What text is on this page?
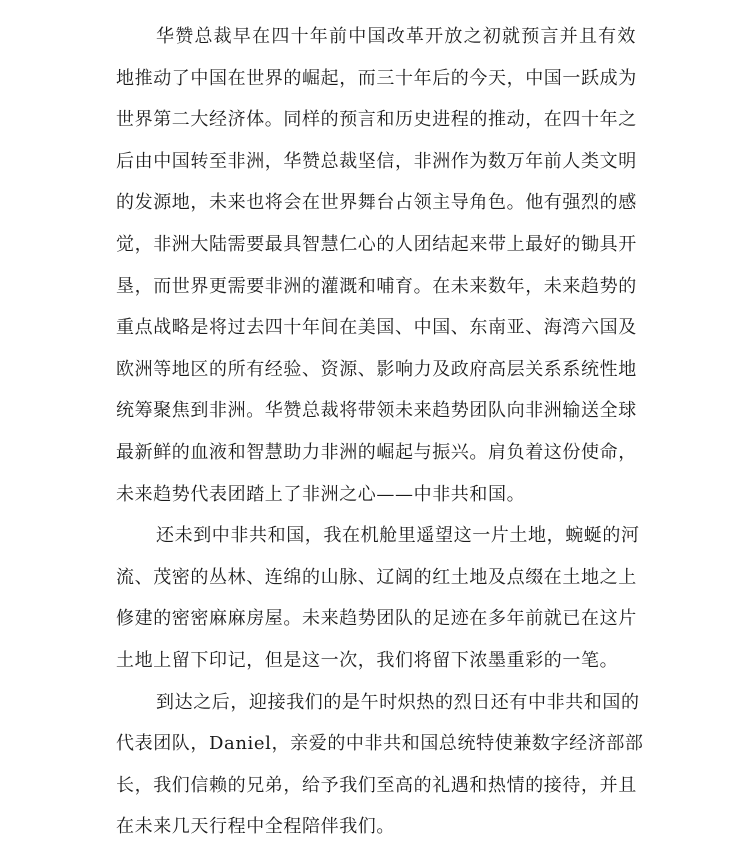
华赞总裁早在四十年前中国改革开放之初就预言并且有效
地推动了中国在世界的崛起，而三十年后的今天，中国一跃成为
世界第二大经济体。同样的预言和历史进程的推动，在四十年之
后由中国转至非洲，华赞总裁坚信，非洲作为数万年前人类文明
的发源地，未来也将会在世界舞台占领主导角色。他有强烈的感
觉，非洲大陆需要最具智慧仁心的人团结起来带上最好的锄具开
垦，而世界更需要非洲的灌溉和哺育。在未来数年，未来趋势的
重点战略是将过去四十年间在美国、中国、东南亚、海湾六国及
欧洲等地区的所有经验、资源、影响力及政府高层关系系统性地
统筹聚焦到非洲。华赞总裁将带领未来趋势团队向非洲输送全球
最新鲜的血液和智慧助力非洲的崛起与振兴。肩负着这份使命，
未来趋势代表团踏上了非洲之心——中非共和国。
还未到中非共和国，我在机舱里遥望这一片土地，蜿蜒的河
流、茂密的丛林、连绵的山脉、辽阔的红土地及点缀在土地之上
修建的密密麻麻房屋。未来趋势团队的足迹在多年前就已在这片
土地上留下印记，但是这一次，我们将留下浓墨重彩的一笔。
到达之后，迎接我们的是午时炽热的烈日还有中非共和国的
代表团队，Daniel，亲爱的中非共和国总统特使兼数字经济部部
长，我们信赖的兄弟，给予我们至高的礼遇和热情的接待，并且
在未来几天行程中全程陪伴我们。
